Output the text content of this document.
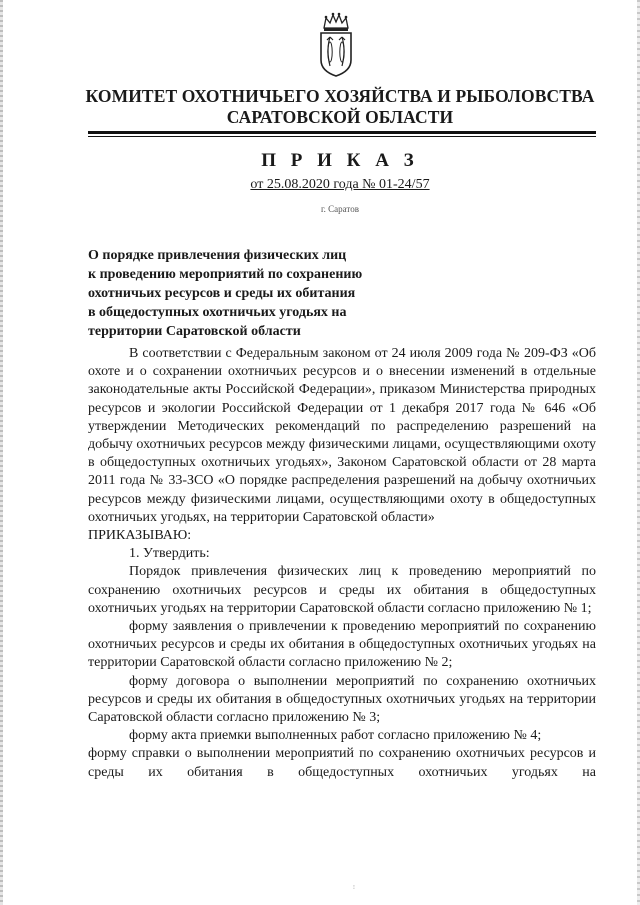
КОМИТЕТ ОХОТНИЧЬЕГО ХОЗЯЙСТВА И РЫБОЛОВСТВА
САРАТОВСКОЙ ОБЛАСТИ
П Р И К А З
от 25.08.2020 года № 01-24/57
г. Саратов
О порядке привлечения физических лиц
к проведению мероприятий по сохранению
охотничьих ресурсов и среды их обитания
в общедоступных охотничьих угодьях на
территории Саратовской области

В соответствии с Федеральным законом от 24 июля 2009 года № 209-ФЗ «Об охоте и о сохранении охотничьих ресурсов и о внесении изменений в отдельные законодательные акты Российской Федерации», приказом Министерства природных ресурсов и экологии Российской Федерации от 1 декабря 2017 года № 646 «Об утверждении Методических рекомендаций по распределению разрешений на добычу охотничьих ресурсов между физическими лицами, осуществляющими охоту в общедоступных охотничьих угодьях», Законом Саратовской области от 28 марта 2011 года № 33-ЗСО «О порядке распределения разрешений на добычу охотничьих ресурсов между физическими лицами, осуществляющими охоту в общедоступных охотничьих угодьях, на территории Саратовской области»

ПРИКАЗЫВАЮ:

1. Утвердить:

Порядок привлечения физических лиц к проведению мероприятий по сохранению охотничьих ресурсов и среды их обитания в общедоступных охотничьих угодьях на территории Саратовской области согласно приложению № 1;

форму заявления о привлечении к проведению мероприятий по сохранению охотничьих ресурсов и среды их обитания в общедоступных охотничьих угодьях на территории Саратовской области согласно приложению № 2;

форму договора о выполнении мероприятий по сохранению охотничьих ресурсов и среды их обитания в общедоступных охотничьих угодьях на территории Саратовской области согласно приложению № 3;

форму акта приемки выполненных работ согласно приложению № 4;

форму справки о выполнении мероприятий по сохранению охотничьих ресурсов и среды их обитания в общедоступных охотничьих угодьях на

⁝
